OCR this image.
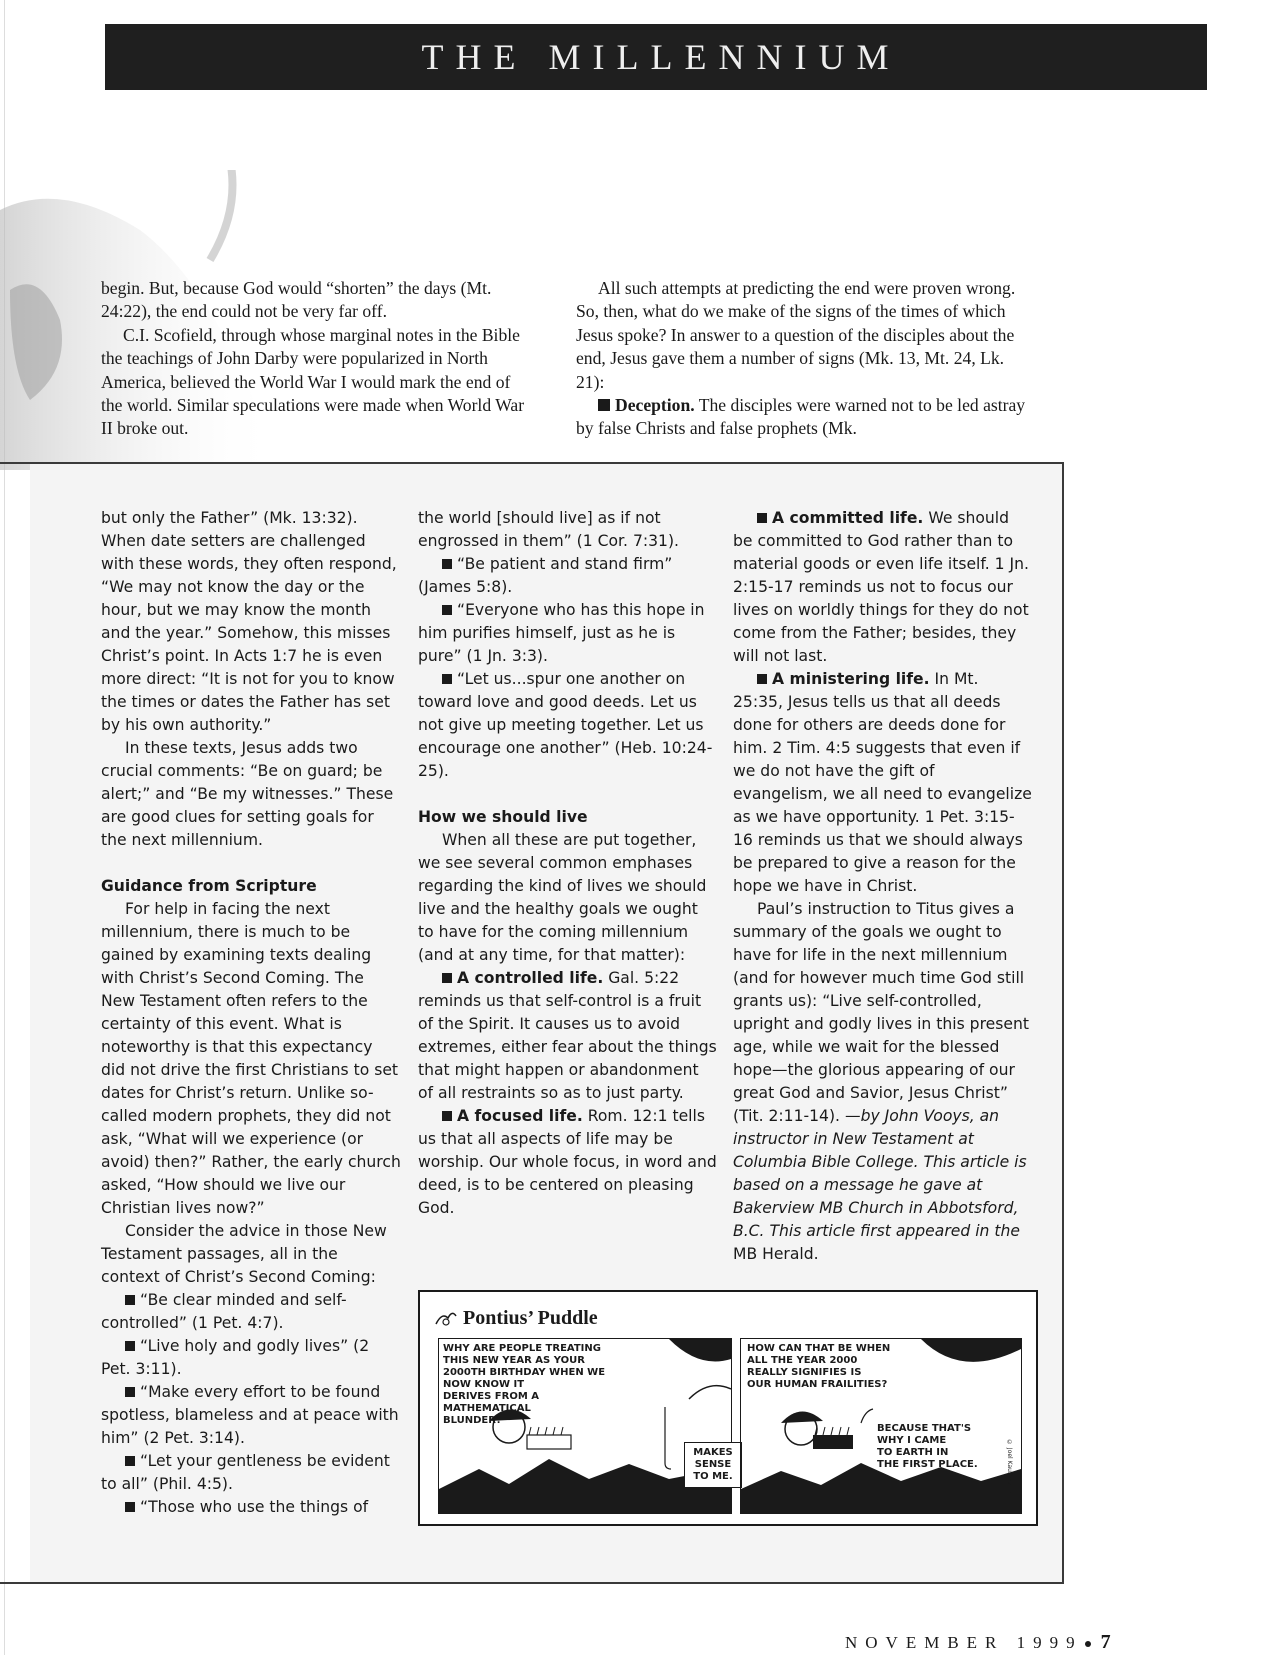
THE MILLENNIUM

begin. But, because God would “shorten” the days (Mt. 24:22), the end could not be very far off.

C.I. Scofield, through whose marginal notes in the Bible the teachings of John Darby were popularized in North America, believed the World War I would mark the end of the world. Similar speculations were made when World War II broke out.

All such attempts at predicting the end were proven wrong. So, then, what do we make of the signs of the times of which Jesus spoke? In answer to a question of the disciples about the end, Jesus gave them a number of signs (Mk. 13, Mt. 24, Lk. 21):

Deception. The disciples were warned not to be led astray by false Christs and false prophets (Mk.

but only the Father” (Mk. 13:32). When date setters are challenged with these words, they often respond, “We may not know the day or the hour, but we may know the month and the year.” Somehow, this misses Christ’s point. In Acts 1:7 he is even more direct: “It is not for you to know the times or dates the Father has set by his own authority.”

In these texts, Jesus adds two crucial comments: “Be on guard; be alert;” and “Be my witnesses.” These are good clues for setting goals for the next millennium.

Guidance from Scripture

For help in facing the next millennium, there is much to be gained by examining texts dealing with Christ’s Second Coming. The New Testament often refers to the certainty of this event. What is noteworthy is that this expectancy did not drive the first Christians to set dates for Christ’s return. Unlike so-called modern prophets, they did not ask, “What will we experience (or avoid) then?” Rather, the early church asked, “How should we live our Christian lives now?”

Consider the advice in those New Testament passages, all in the context of Christ’s Second Coming:

“Be clear minded and self-controlled” (1 Pet. 4:7).

“Live holy and godly lives” (2 Pet. 3:11).

“Make every effort to be found spotless, blameless and at peace with him” (2 Pet. 3:14).

“Let your gentleness be evident to all” (Phil. 4:5).

“Those who use the things of

the world [should live] as if not engrossed in them” (1 Cor. 7:31).

“Be patient and stand firm” (James 5:8).

“Everyone who has this hope in him purifies himself, just as he is pure” (1 Jn. 3:3).

“Let us...spur one another on toward love and good deeds. Let us not give up meeting together. Let us encourage one another” (Heb. 10:24-25).

How we should live

When all these are put together, we see several common emphases regarding the kind of lives we should live and the healthy goals we ought to have for the coming millennium (and at any time, for that matter):

A controlled life. Gal. 5:22 reminds us that self-control is a fruit of the Spirit. It causes us to avoid extremes, either fear about the things that might happen or abandonment of all restraints so as to just party.

A focused life. Rom. 12:1 tells us that all aspects of life may be worship. Our whole focus, in word and deed, is to be centered on pleasing God.

A committed life. We should be committed to God rather than to material goods or even life itself. 1 Jn. 2:15-17 reminds us not to focus our lives on worldly things for they do not come from the Father; besides, they will not last.

A ministering life. In Mt. 25:35, Jesus tells us that all deeds done for others are deeds done for him. 2 Tim. 4:5 suggests that even if we do not have the gift of evangelism, we all need to evangelize as we have opportunity. 1 Pet. 3:15-16 reminds us that we should always be prepared to give a reason for the hope we have in Christ.

Paul’s instruction to Titus gives a summary of the goals we ought to have for life in the next millennium (and for however much time God still grants us): “Live self-controlled, upright and godly lives in this present age, while we wait for the blessed hope—the glorious appearing of our great God and Savior, Jesus Christ” (Tit. 2:11-14). —by John Vooys, an instructor in New Testament at Columbia Bible College. This article is based on a message he gave at Bakerview MB Church in Abbotsford, B.C. This article first appeared in the MB Herald.

Pontius’ Puddle
WHY ARE PEOPLE TREATING
THIS NEW YEAR AS YOUR
2000TH BIRTHDAY WHEN WE
NOW KNOW IT
DERIVES FROM A
MATHEMATICAL
BLUNDER?
MAKES
SENSE
TO ME.
HOW CAN THAT BE WHEN
ALL THE YEAR 2000
REALLY SIGNIFIES IS
OUR HUMAN FRAILITIES?
BECAUSE THAT'S
WHY I CAME
TO EARTH IN
THE FIRST PLACE.	© Joel Kauffmann
NOVEMBER 1999 7
